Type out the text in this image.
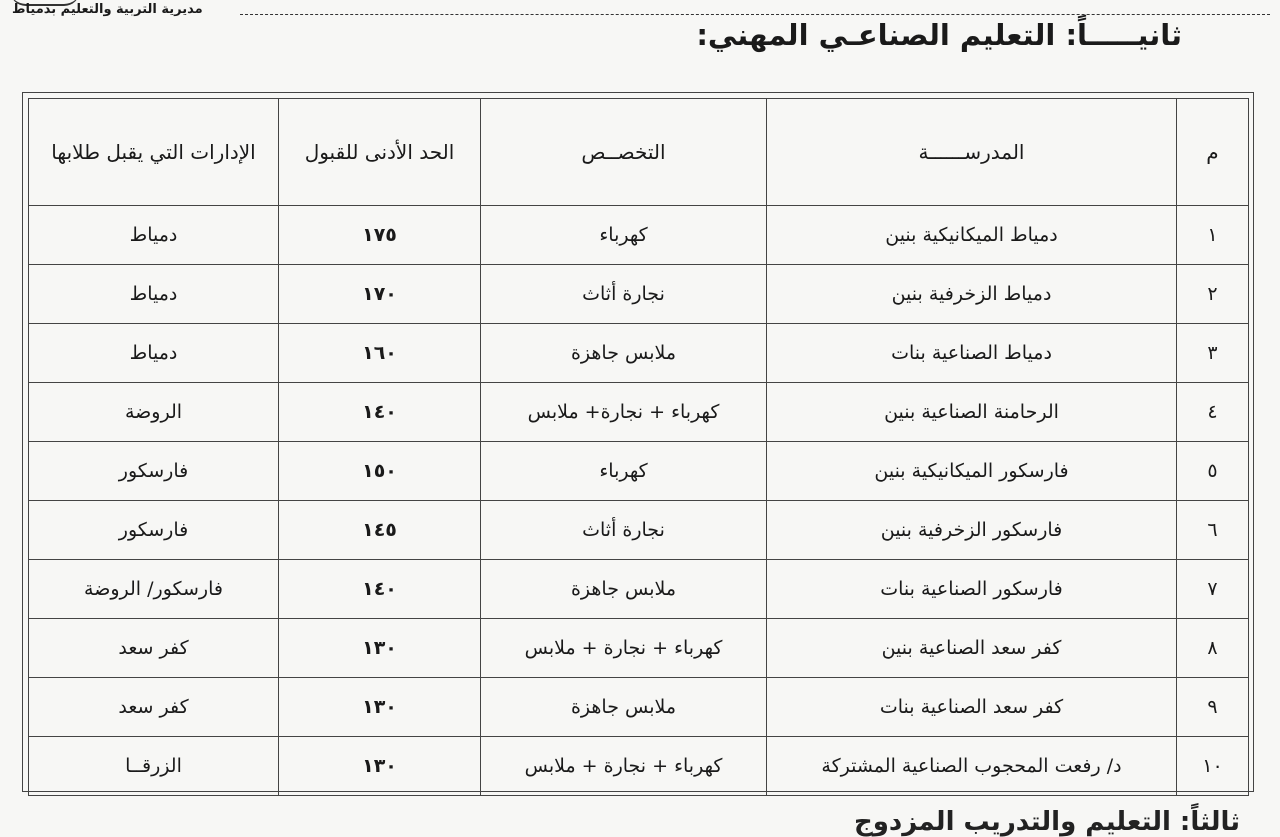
مديرية التربية والتعليم بدمياط
ثانيـــــاً: التعليم الصناعـي المهني:
م	المدرســــــة	التخصــص	الحد الأدنى للقبول	الإدارات التي يقبل طلابها
١	دمياط الميكانيكية بنين	كهرباء	١٧٥	دمياط
٢	دمياط الزخرفية بنين	نجارة أثاث	١٧٠	دمياط
٣	دمياط الصناعية بنات	ملابس جاهزة	١٦٠	دمياط
٤	الرحامنة الصناعية بنين	كهرباء + نجارة+ ملابس	١٤٠	الروضة
٥	فارسكور الميكانيكية بنين	كهرباء	١٥٠	فارسكور
٦	فارسكور الزخرفية بنين	نجارة أثاث	١٤٥	فارسكور
٧	فارسكور الصناعية بنات	ملابس جاهزة	١٤٠	فارسكور/ الروضة
٨	كفر سعد الصناعية بنين	كهرباء + نجارة + ملابس	١٣٠	كفر سعد
٩	كفر سعد الصناعية بنات	ملابس جاهزة	١٣٠	كفر سعد
١٠	د/ رفعت المحجوب الصناعية المشتركة	كهرباء + نجارة + ملابس	١٣٠	الزرقــا
ثالثاً: التعليم والتدريب المزدوج
